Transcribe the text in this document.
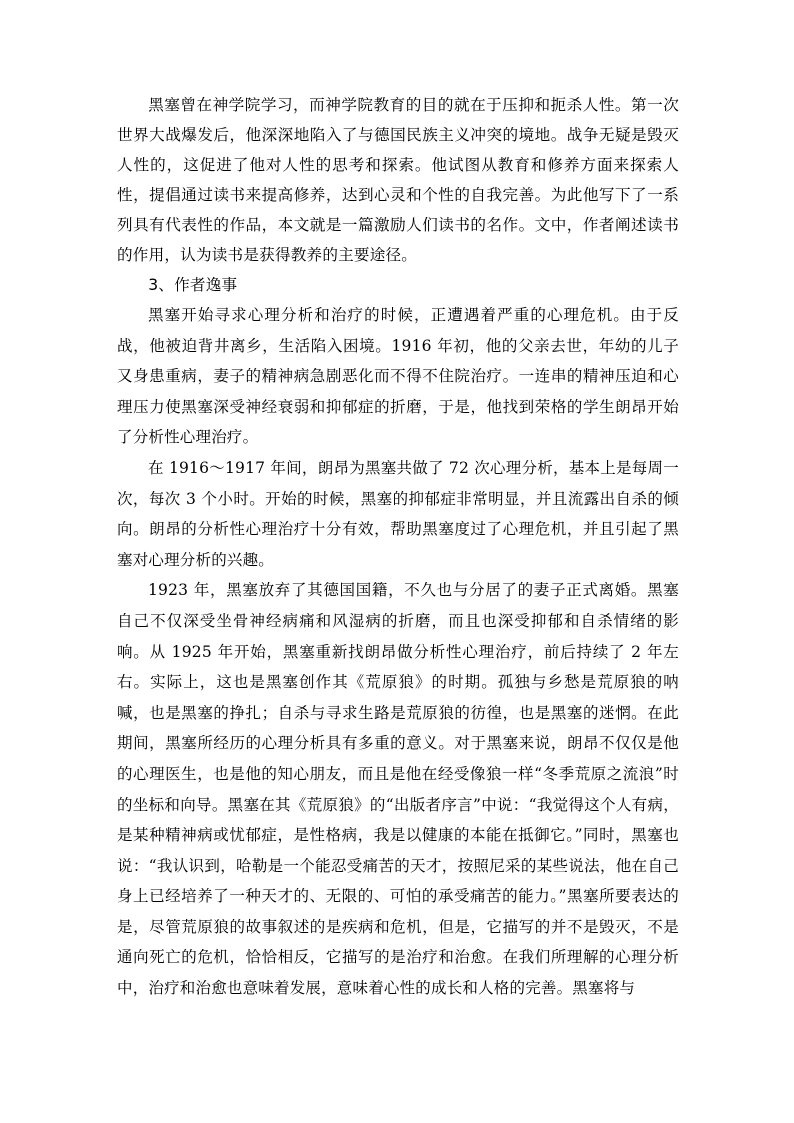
黑塞曾在神学院学习，而神学院教育的目的就在于压抑和扼杀人性。第一次世界大战爆发后，他深深地陷入了与德国民族主义冲突的境地。战争无疑是毁灭人性的，这促进了他对人性的思考和探索。他试图从教育和修养方面来探索人性，提倡通过读书来提高修养，达到心灵和个性的自我完善。为此他写下了一系列具有代表性的作品，本文就是一篇激励人们读书的名作。文中，作者阐述读书的作用，认为读书是获得教养的主要途径。

3、作者逸事

黑塞开始寻求心理分析和治疗的时候，正遭遇着严重的心理危机。由于反战，他被迫背井离乡，生活陷入困境。1916 年初，他的父亲去世，年幼的儿子又身患重病，妻子的精神病急剧恶化而不得不住院治疗。一连串的精神压迫和心理压力使黑塞深受神经衰弱和抑郁症的折磨，于是，他找到荣格的学生朗昂开始了分析性心理治疗。

在 1916～1917 年间，朗昂为黑塞共做了 72 次心理分析，基本上是每周一次，每次 3 个小时。开始的时候，黑塞的抑郁症非常明显，并且流露出自杀的倾向。朗昂的分析性心理治疗十分有效，帮助黑塞度过了心理危机，并且引起了黑塞对心理分析的兴趣。

1923 年，黑塞放弃了其德国国籍，不久也与分居了的妻子正式离婚。黑塞自己不仅深受坐骨神经病痛和风湿病的折磨，而且也深受抑郁和自杀情绪的影响。从 1925 年开始，黑塞重新找朗昂做分析性心理治疗，前后持续了 2 年左右。实际上，这也是黑塞创作其《荒原狼》的时期。孤独与乡愁是荒原狼的呐喊，也是黑塞的挣扎；自杀与寻求生路是荒原狼的彷徨，也是黑塞的迷惘。在此期间，黑塞所经历的心理分析具有多重的意义。对于黑塞来说，朗昂不仅仅是他的心理医生，也是他的知心朋友，而且是他在经受像狼一样“冬季荒原之流浪”时的坐标和向导。黑塞在其《荒原狼》的“出版者序言”中说：“我觉得这个人有病，是某种精神病或忧郁症，是性格病，我是以健康的本能在抵御它。”同时，黑塞也说：“我认识到，哈勒是一个能忍受痛苦的天才，按照尼采的某些说法，他在自己身上已经培养了一种天才的、无限的、可怕的承受痛苦的能力。”黑塞所要表达的是，尽管荒原狼的故事叙述的是疾病和危机，但是，它描写的并不是毁灭，不是通向死亡的危机，恰恰相反，它描写的是治疗和治愈。在我们所理解的心理分析中，治疗和治愈也意味着发展，意味着心性的成长和人格的完善。黑塞将与
